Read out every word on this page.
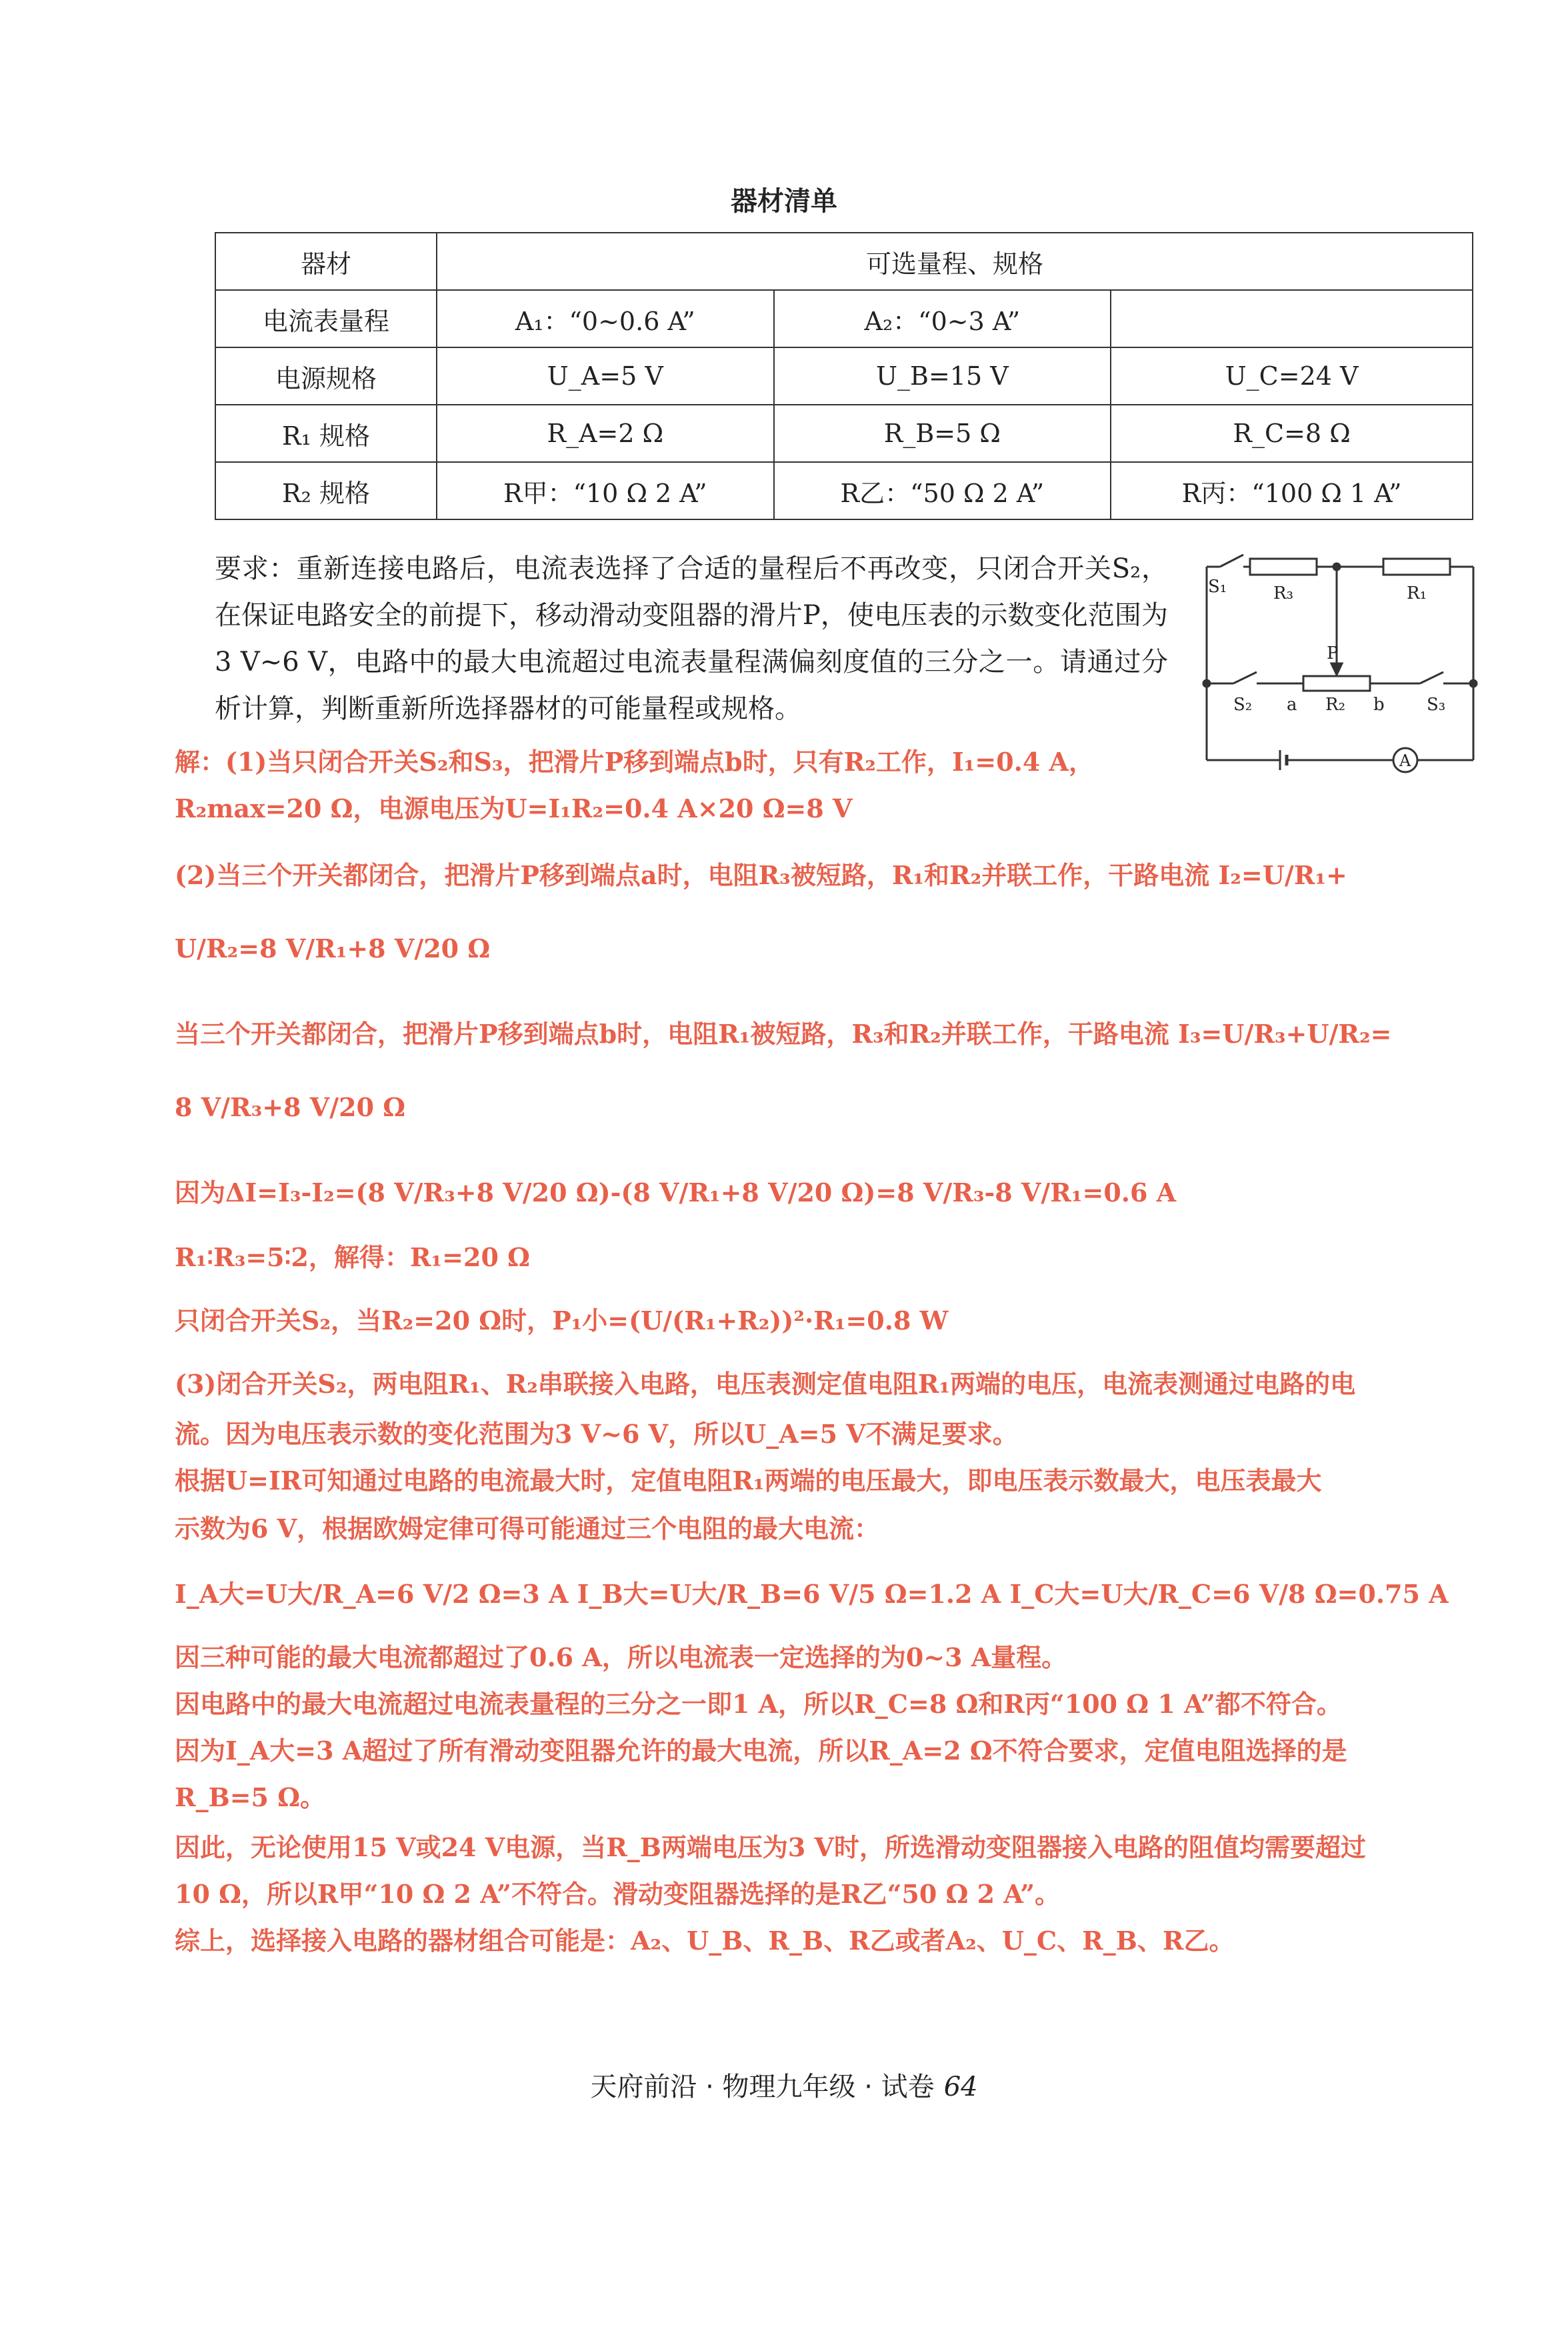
器材清单
器材	可选量程、规格		
电流表量程	A₁：“0~0.6 A”	A₂：“0~3 A”	
电源规格	U_A=5 V	U_B=15 V	U_C=24 V
R₁ 规格	R_A=2 Ω	R_B=5 Ω	R_C=8 Ω
R₂ 规格	R甲：“10 Ω 2 A”	R乙：“50 Ω 2 A”	R丙：“100 Ω 1 A”
要求：重新连接电路后，电流表选择了合适的量程后不再改变，只闭合开关S₂，在保证电路安全的前提下，移动滑动变阻器的滑片P，使电压表的示数变化范围为3 V~6 V，电路中的最大电流超过电流表量程满偏刻度值的三分之一。请通过分析计算，判断重新所选择器材的可能量程或规格。
S₁	R₃	R₁
P
S₂ a R₂ b S₃
A
解：(1)当只闭合开关S₂和S₃，把滑片P移到端点b时，只有R₂工作，I₁=0.4 A，
R₂max=20 Ω，电源电压为U=I₁R₂=0.4 A×20 Ω=8 V
(2)当三个开关都闭合，把滑片P移到端点a时，电阻R₃被短路，R₁和R₂并联工作，干路电流 I₂=U/R₁+
U/R₂=8 V/R₁+8 V/20 Ω
当三个开关都闭合，把滑片P移到端点b时，电阻R₁被短路，R₃和R₂并联工作，干路电流 I₃=U/R₃+U/R₂=
8 V/R₃+8 V/20 Ω
因为ΔI=I₃-I₂=(8 V/R₃+8 V/20 Ω)-(8 V/R₁+8 V/20 Ω)=8 V/R₃-8 V/R₁=0.6 A
R₁∶R₃=5∶2，解得：R₁=20 Ω
只闭合开关S₂，当R₂=20 Ω时，P₁小=(U/(R₁+R₂))²·R₁=0.8 W
(3)闭合开关S₂，两电阻R₁、R₂串联接入电路，电压表测定值电阻R₁两端的电压，电流表测通过电路的电
流。因为电压表示数的变化范围为3 V~6 V，所以U_A=5 V不满足要求。
根据U=IR可知通过电路的电流最大时，定值电阻R₁两端的电压最大，即电压表示数最大，电压表最大
示数为6 V，根据欧姆定律可得可能通过三个电阻的最大电流：
I_A大=U大/R_A=6 V/2 Ω=3 A I_B大=U大/R_B=6 V/5 Ω=1.2 A I_C大=U大/R_C=6 V/8 Ω=0.75 A
因三种可能的最大电流都超过了0.6 A，所以电流表一定选择的为0~3 A量程。
因电路中的最大电流超过电流表量程的三分之一即1 A，所以R_C=8 Ω和R丙“100 Ω 1 A”都不符合。
因为I_A大=3 A超过了所有滑动变阻器允许的最大电流，所以R_A=2 Ω不符合要求，定值电阻选择的是
R_B=5 Ω。
因此，无论使用15 V或24 V电源，当R_B两端电压为3 V时，所选滑动变阻器接入电路的阻值均需要超过
10 Ω，所以R甲“10 Ω 2 A”不符合。滑动变阻器选择的是R乙“50 Ω 2 A”。
综上，选择接入电路的器材组合可能是：A₂、U_B、R_B、R乙或者A₂、U_C、R_B、R乙。
天府前沿 · 物理九年级 · 试卷 64
